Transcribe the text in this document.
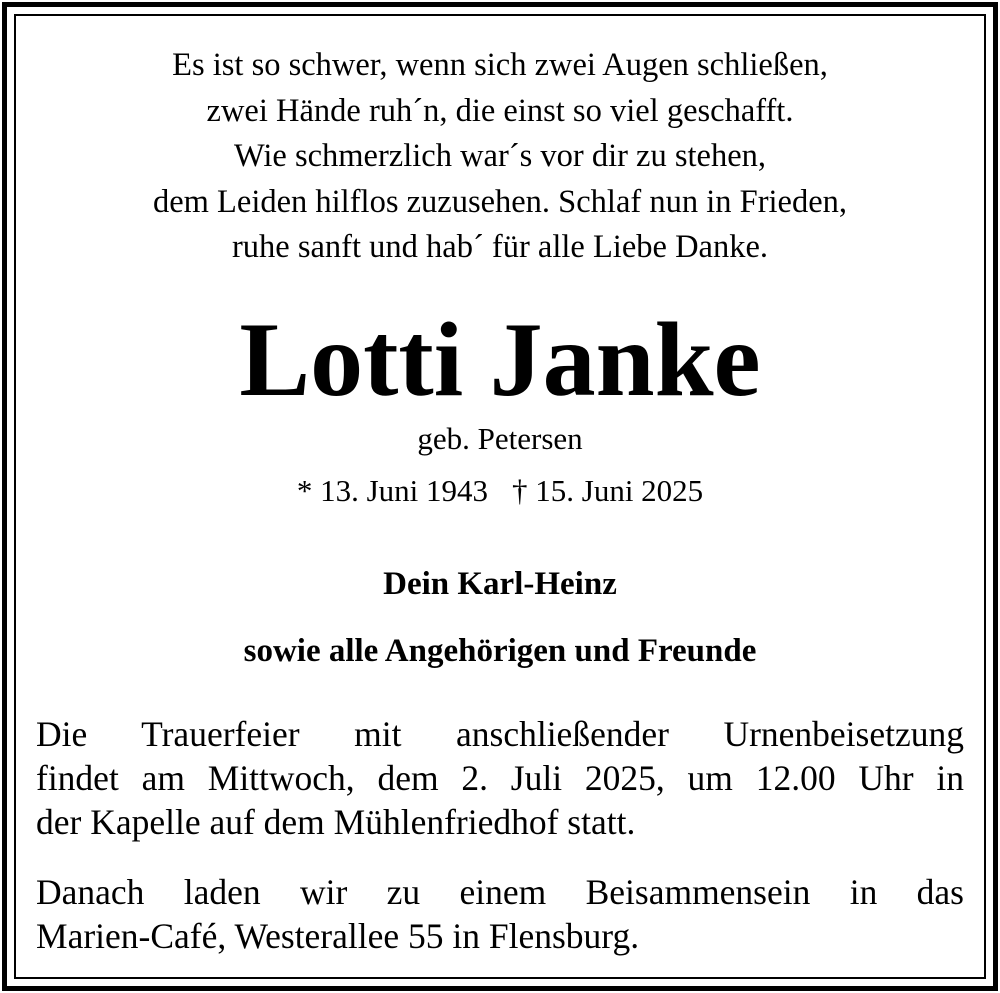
Es ist so schwer, wenn sich zwei Augen schließen,
zwei Hände ruh´n, die einst so viel geschafft.
Wie schmerzlich war´s vor dir zu stehen,
dem Leiden hilflos zuzusehen. Schlaf nun in Frieden,
ruhe sanft und hab´ für alle Liebe Danke.
Lotti Janke
geb. Petersen
* 13. Juni 1943 † 15. Juni 2025
Dein Karl-Heinz
sowie alle Angehörigen und Freunde
Die Trauerfeier mit anschließender Urnenbeisetzung
findet am Mittwoch, dem 2. Juli 2025, um 12.00 Uhr in
der Kapelle auf dem Mühlenfriedhof statt.
Danach laden wir zu einem Beisammensein in das
Marien-Café, Westerallee 55 in Flensburg.
